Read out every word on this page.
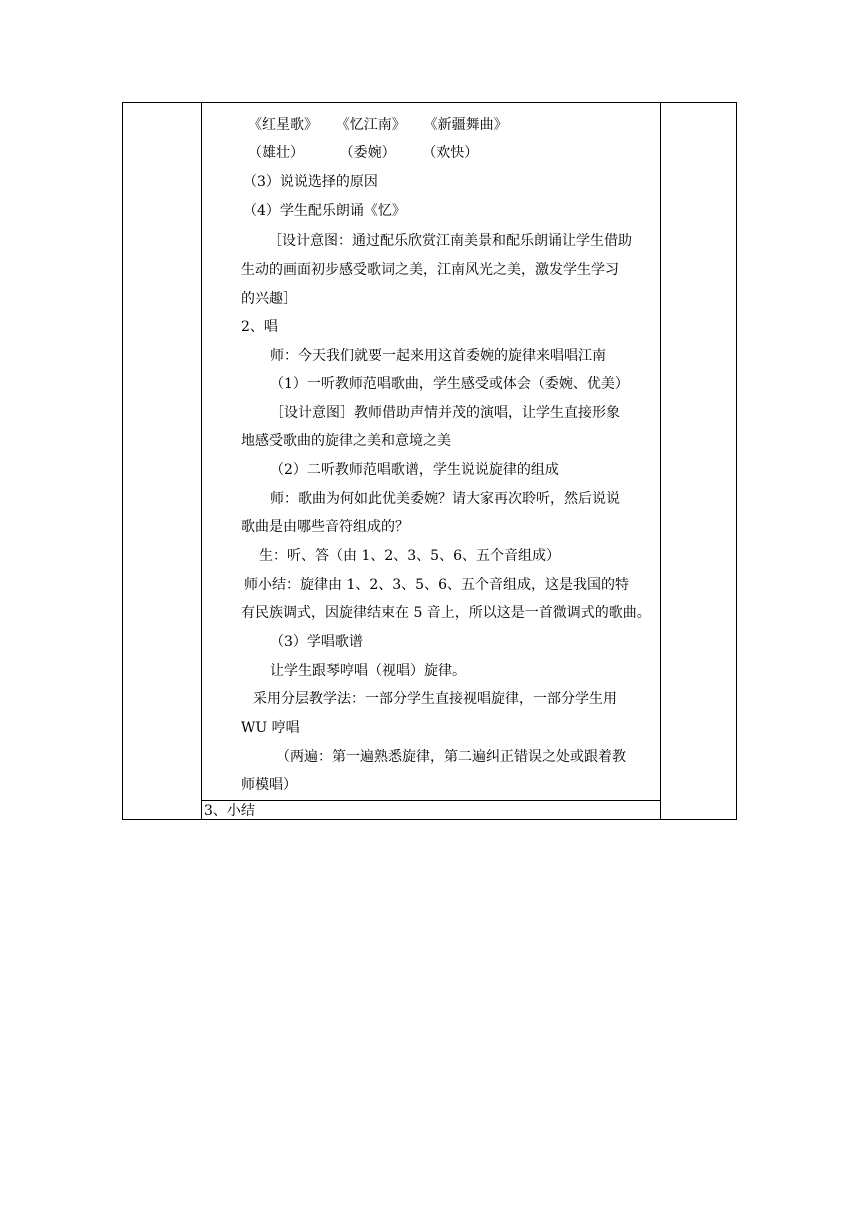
《红星歌》    《忆江南》    《新疆舞曲》
（雄壮）        （委婉）      （欢快）
（3）说说选择的原因
（4）学生配乐朗诵《忆》
［设计意图：通过配乐欣赏江南美景和配乐朗诵让学生借助
生动的画面初步感受歌词之美，江南风光之美，激发学生学习
的兴趣］
2、唱
师：今天我们就要一起来用这首委婉的旋律来唱唱江南
（1）一听教师范唱歌曲，学生感受或体会（委婉、优美）
［设计意图］教师借助声情并茂的演唱，让学生直接形象
地感受歌曲的旋律之美和意境之美
（2）二听教师范唱歌谱，学生说说旋律的组成
师：歌曲为何如此优美委婉？请大家再次聆听，然后说说
歌曲是由哪些音符组成的？
生：听、答（由 1、2、3、5、6、五个音组成）
师小结：旋律由 1、2、3、5、6、五个音组成，这是我国的特
有民族调式，因旋律结束在 5 音上，所以这是一首微调式的歌曲。
（3）学唱歌谱
让学生跟琴哼唱（视唱）旋律。
采用分层教学法：一部分学生直接视唱旋律，一部分学生用
WU 哼唱
（两遍：第一遍熟悉旋律，第二遍纠正错误之处或跟着教
师模唱）
3、小结
